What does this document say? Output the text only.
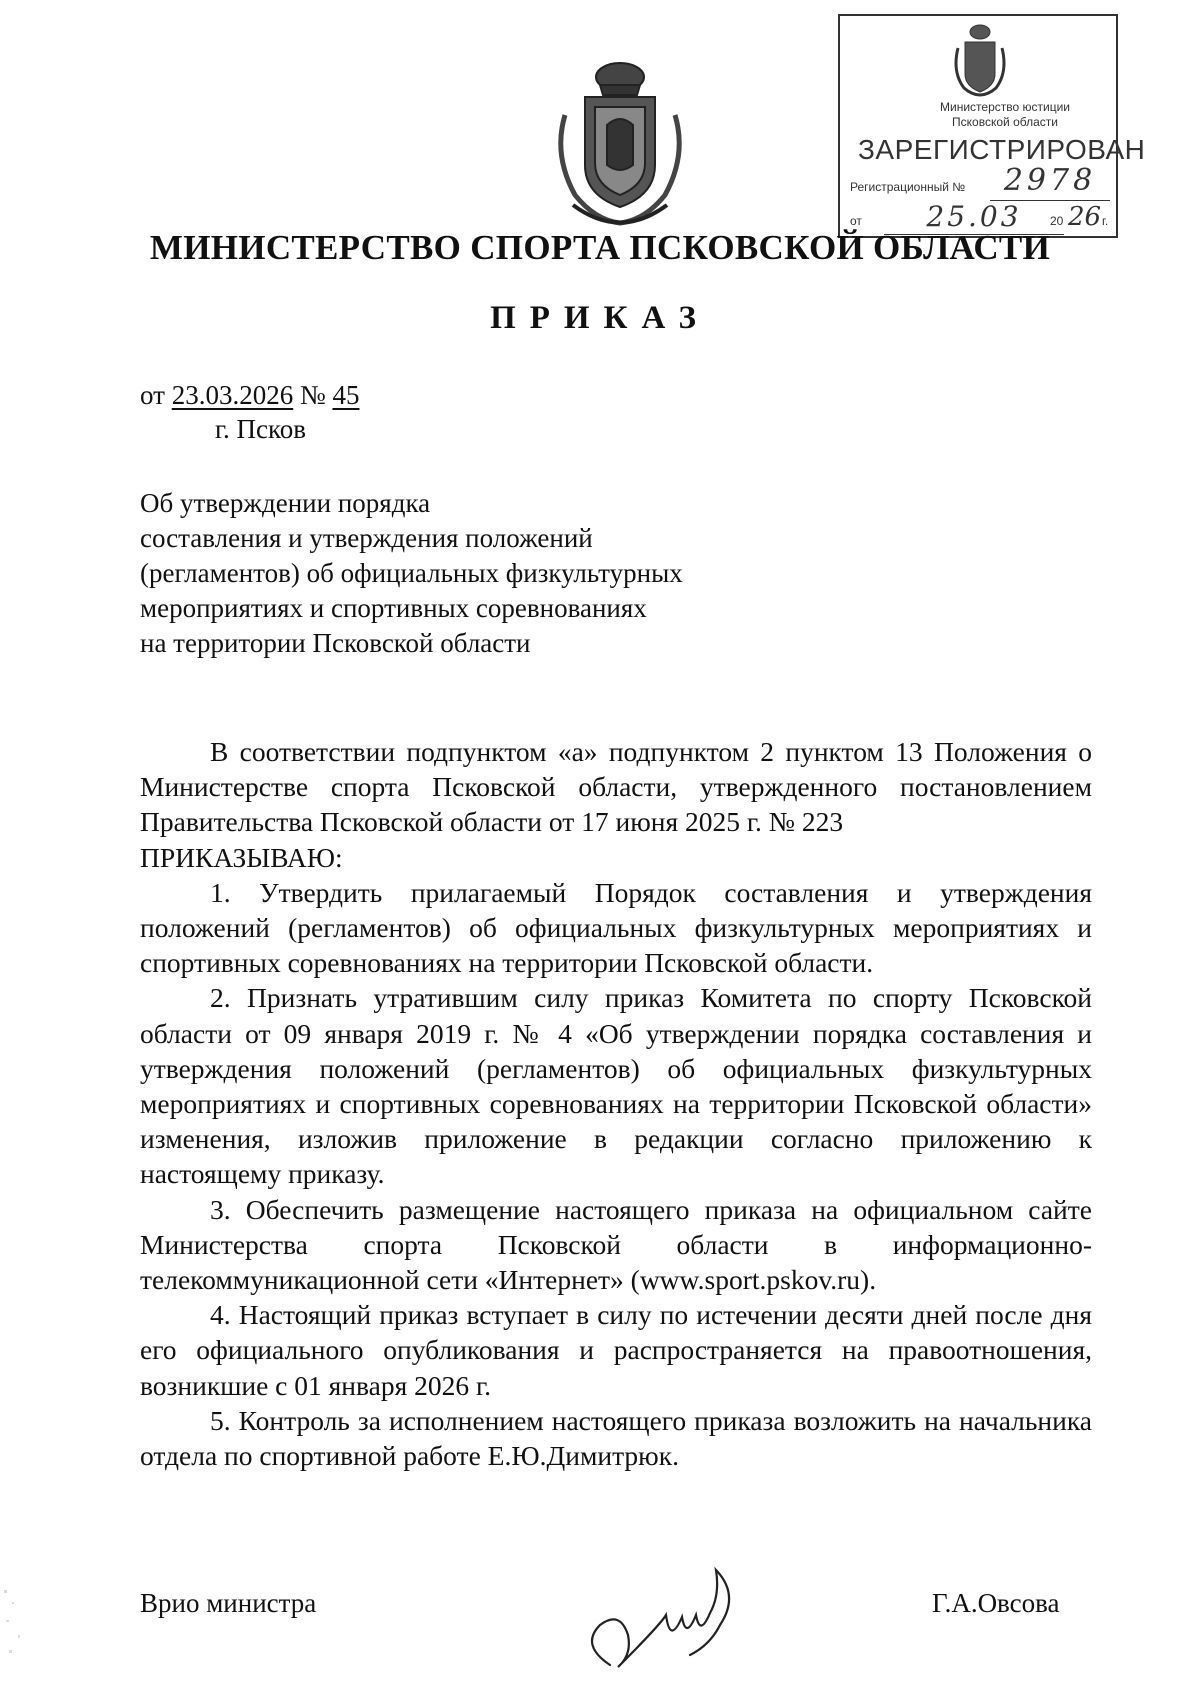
Министерство юстиции
Псковской области
ЗАРЕГИСТРИРОВАН
Регистрационный №	2978
от	25.03	20 26 г.
МИНИСТЕРСТВО СПОРТА ПСКОВСКОЙ ОБЛАСТИ
ПРИКАЗ
от 23.03.2026 № 45
г. Псков
Об утверждении порядка
составления и утверждения положений
(регламентов) об официальных физкультурных
мероприятиях и спортивных соревнованиях
на территории Псковской области

В соответствии подпунктом «а» подпунктом 2 пунктом 13 Положения о Министерстве спорта Псковской области, утвержденного постановлением Правительства Псковской области от 17 июня 2025 г. № 223

ПРИКАЗЫВАЮ:

1. Утвердить прилагаемый Порядок составления и утверждения положений (регламентов) об официальных физкультурных мероприятиях и спортивных соревнованиях на территории Псковской области.

2. Признать утратившим силу приказ Комитета по спорту Псковской области от 09 января 2019 г. № 4 «Об утверждении порядка составления и утверждения положений (регламентов) об официальных физкультурных мероприятиях и спортивных соревнованиях на территории Псковской области» изменения, изложив приложение в редакции согласно приложению к настоящему приказу.

3. Обеспечить размещение настоящего приказа на официальном сайте Министерства спорта Псковской области в информационно-телекоммуникационной сети «Интернет» (www.sport.pskov.ru).

4. Настоящий приказ вступает в силу по истечении десяти дней после дня его официального опубликования и распространяется на правоотношения, возникшие с 01 января 2026 г.

5. Контроль за исполнением настоящего приказа возложить на начальника отдела по спортивной работе Е.Ю.Димитрюк.

Врио министра	Г.А.Овсова
